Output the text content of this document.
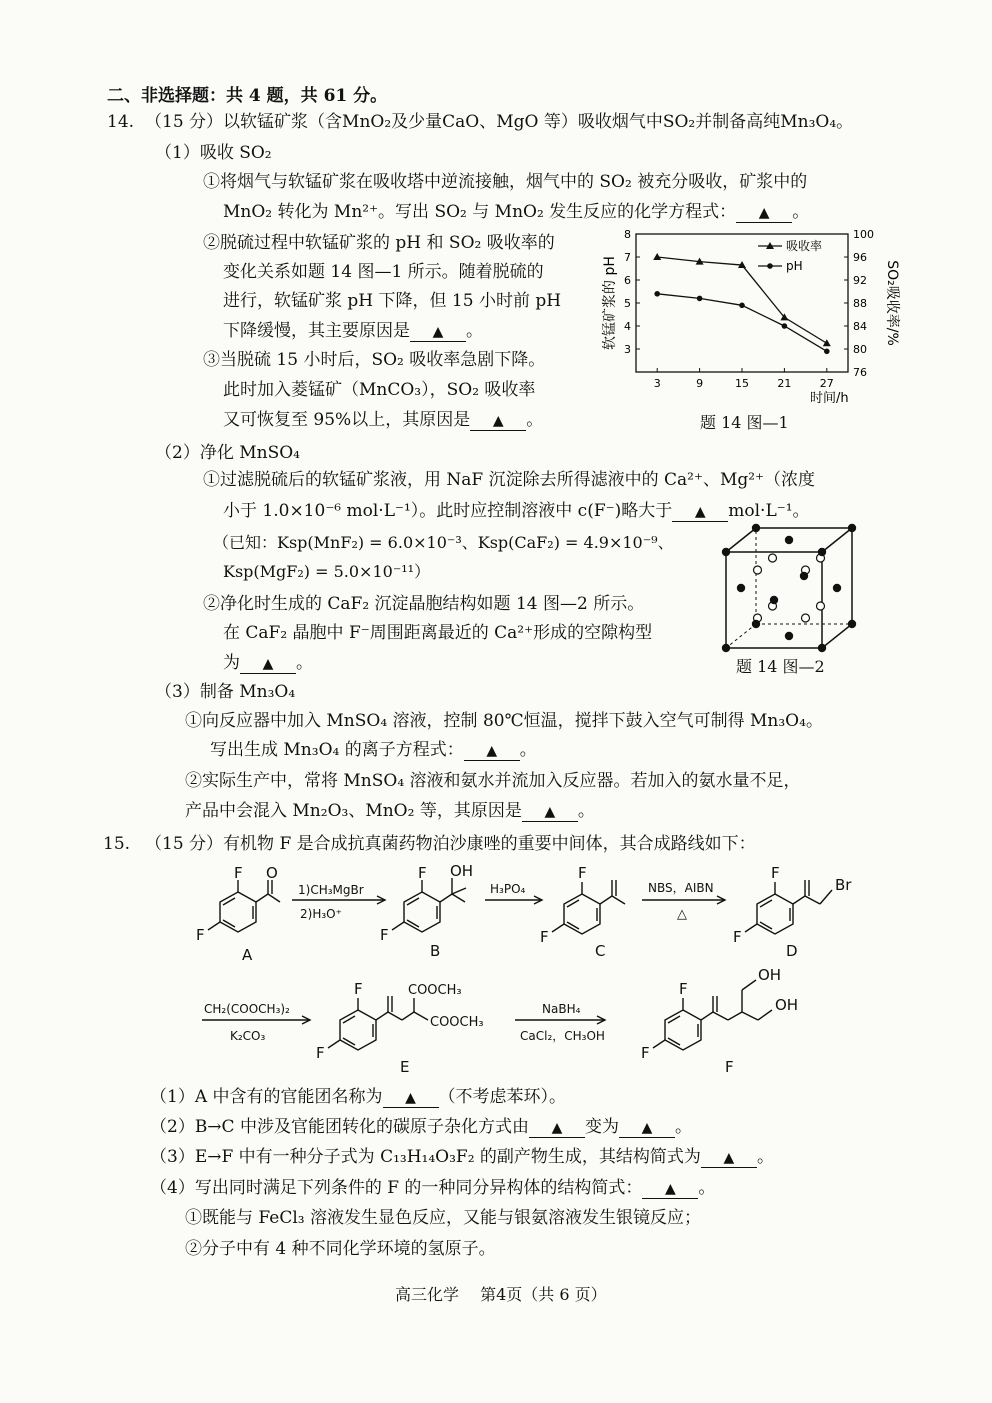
二、非选择题：共 4 题，共 61 分。
14. （15 分）以软锰矿浆（含MnO₂及少量CaO、MgO 等）吸收烟气中SO₂并制备高纯Mn₃O₄。
（1）吸收 SO₂
①将烟气与软锰矿浆在吸收塔中逆流接触，烟气中的 SO₂ 被充分吸收，矿浆中的
MnO₂ 转化为 Mn²⁺。写出 SO₂ 与 MnO₂ 发生反应的化学方程式： ▲	。
②脱硫过程中软锰矿浆的 pH 和 SO₂ 吸收率的
变化关系如题 14 图—1 所示。随着脱硫的
进行，软锰矿浆 pH 下降，但 15 小时前 pH
下降缓慢，其主要原因是 ▲	。
③当脱硫 15 小时后，SO₂ 吸收率急剧下降。
此时加入菱锰矿（MnCO₃），SO₂ 吸收率
又可恢复至 95%以上，其原因是 ▲	。
3	9	15	21	27
3
4
5
6
7
8
76
80
84
88
92
96
100
时间/h
软锰矿浆的 pH	SO₂吸收率/%
吸收率
pH
题 14 图—1
（2）净化 MnSO₄
①过滤脱硫后的软锰矿浆液，用 NaF 沉淀除去所得滤液中的 Ca²⁺、Mg²⁺（浓度
小于 1.0×10⁻⁶ mol·L⁻¹）。此时应控制溶液中 c(F⁻)略大于 ▲	mol·L⁻¹。
（已知：Ksp(MnF₂) = 6.0×10⁻³、Ksp(CaF₂) = 4.9×10⁻⁹、
Ksp(MgF₂) = 5.0×10⁻¹¹）
②净化时生成的 CaF₂ 沉淀晶胞结构如题 14 图—2 所示。
在 CaF₂ 晶胞中 F⁻周围距离最近的 Ca²⁺形成的空隙构型
为 ▲	。	题 14 图—2
（3）制备 Mn₃O₄
①向反应器中加入 MnSO₄ 溶液，控制 80℃恒温，搅拌下鼓入空气可制得 Mn₃O₄。
写出生成 Mn₃O₄ 的离子方程式： ▲	。
②实际生产中，常将 MnSO₄ 溶液和氨水并流加入反应器。若加入的氨水量不足，
产品中会混入 Mn₂O₃、MnO₂ 等，其原因是 ▲	。
15. （15 分）有机物 F 是合成抗真菌药物泊沙康唑的重要中间体，其合成路线如下：
F O
F
A
1)CH₃MgBr
2)H₃O⁺
F OH
F
B
H₃PO₄
F
F
C
NBS，AIBN
△
F
Br
F
D
CH₂(COOCH₃)₂
K₂CO₃
F	COOCH₃
COOCH₃
F
E
NaBH₄
CaCl₂，CH₃OH
F
OH
OH
F
F
（1）A 中含有的官能团名称为 ▲	（不考虑苯环）。
（2）B→C 中涉及官能团转化的碳原子杂化方式由 ▲	变为 ▲	。
（3）E→F 中有一种分子式为 C₁₃H₁₄O₃F₂ 的副产物生成，其结构简式为 ▲	。
（4）写出同时满足下列条件的 F 的一种同分异构体的结构简式： ▲	。
①既能与 FeCl₃ 溶液发生显色反应，又能与银氨溶液发生银镜反应；
②分子中有 4 种不同化学环境的氢原子。
高三化学　 第4页（共 6 页）
